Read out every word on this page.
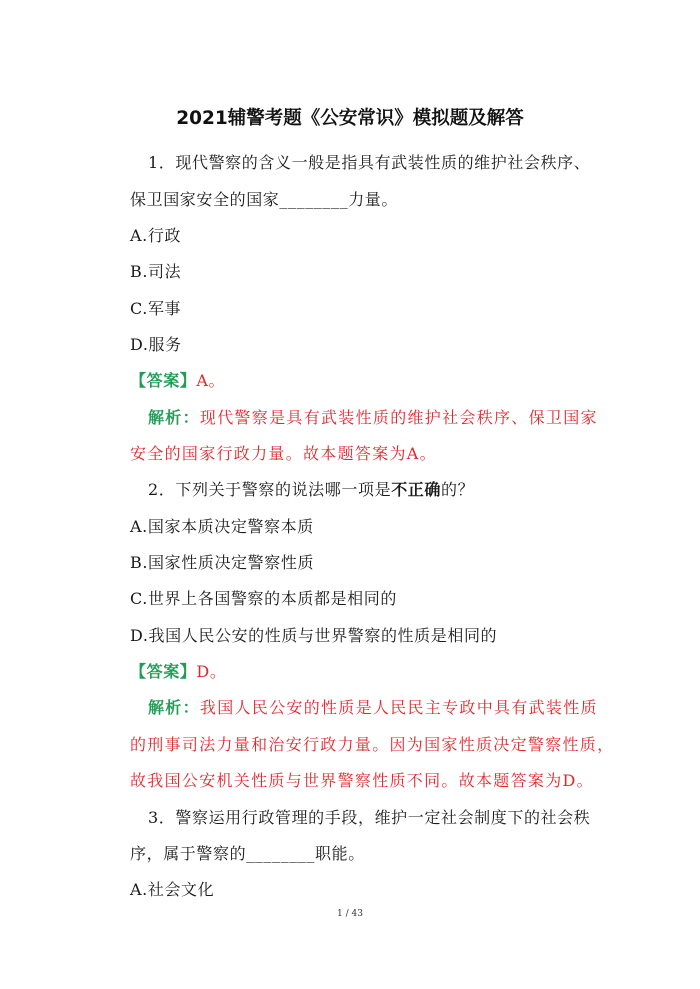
2021辅警考题《公安常识》模拟题及解答
1．现代警察的含义一般是指具有武装性质的维护社会秩序、
保卫国家安全的国家________力量。
A.行政
B.司法
C.军事
D.服务
【答案】A。
解析：现代警察是具有武装性质的维护社会秩序、保卫国家
安全的国家行政力量。故本题答案为A。
2．下列关于警察的说法哪一项是不正确的？
A.国家本质决定警察本质
B.国家性质决定警察性质
C.世界上各国警察的本质都是相同的
D.我国人民公安的性质与世界警察的性质是相同的
【答案】D。
解析：我国人民公安的性质是人民民主专政中具有武装性质
的刑事司法力量和治安行政力量。因为国家性质决定警察性质，
故我国公安机关性质与世界警察性质不同。故本题答案为D。
3．警察运用行政管理的手段，维护一定社会制度下的社会秩
序，属于警察的________职能。
A.社会文化
1 / 43
